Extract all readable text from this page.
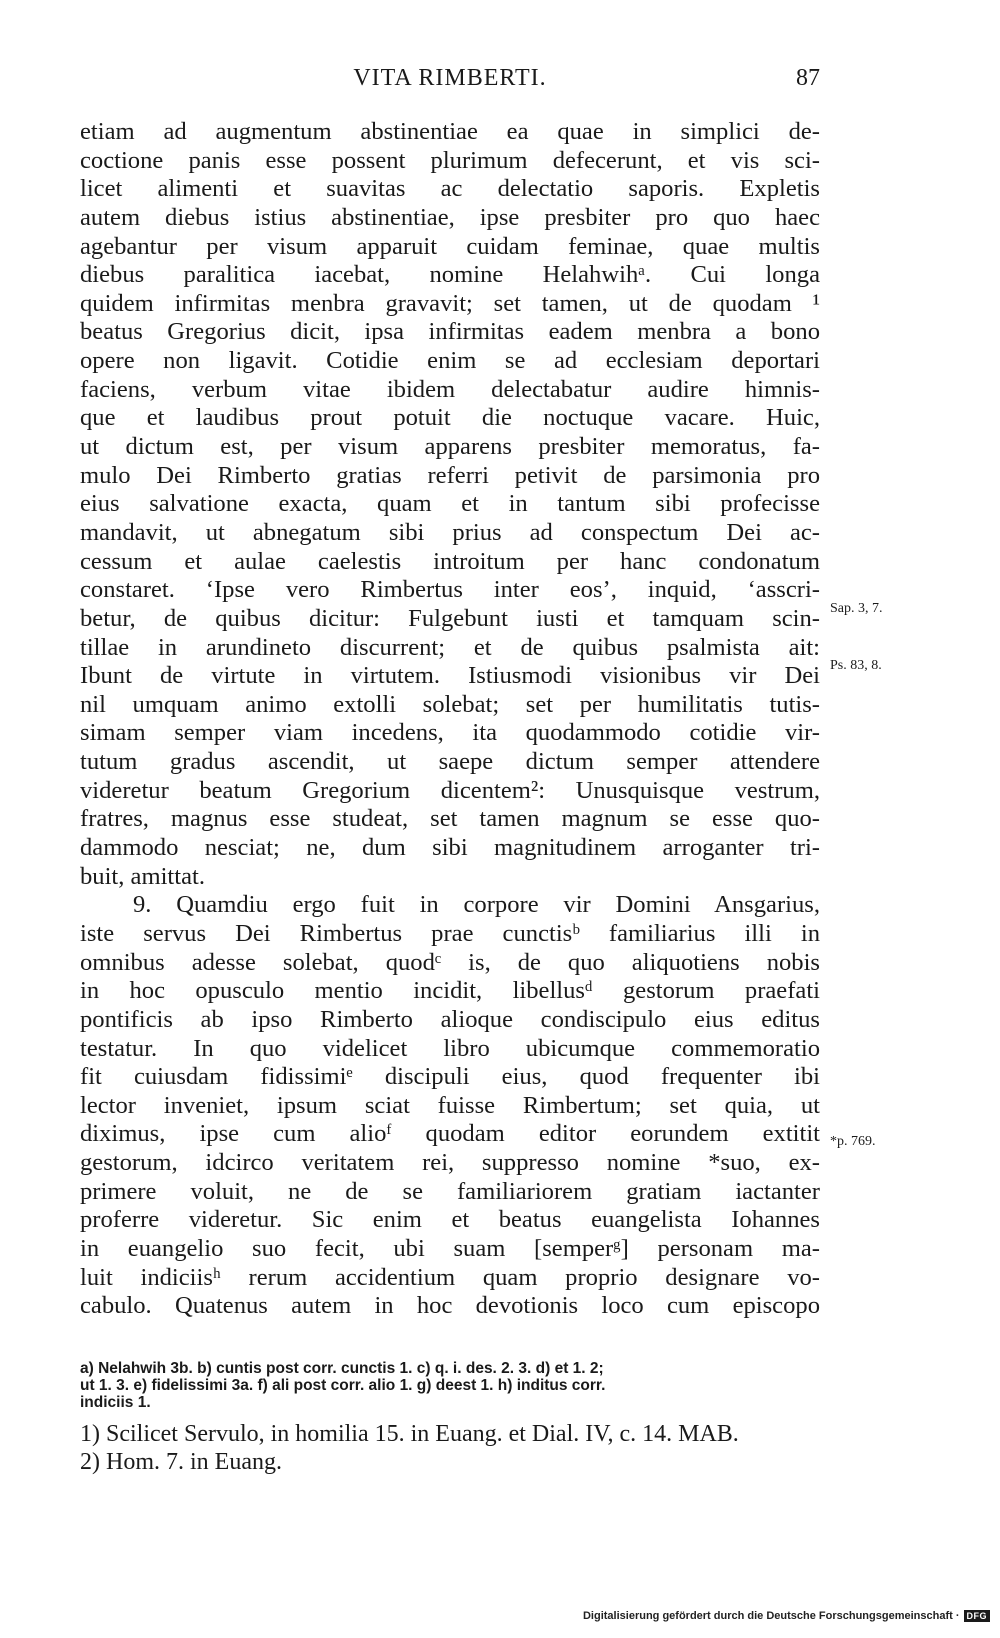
VITA RIMBERTI.	87
etiam ad augmentum abstinentiae ea quae in simplici de-
coctione panis esse possent plurimum defecerunt, et vis sci-
licet alimenti et suavitas ac delectatio saporis. Expletis
autem diebus istius abstinentiae, ipse presbiter pro quo haec
agebantur per visum apparuit cuidam feminae, quae multis
diebus paralitica iacebat, nomine Helahwihᵃ. Cui longa
quidem infirmitas menbra gravavit; set tamen, ut de quodam ¹
beatus Gregorius dicit, ipsa infirmitas eadem menbra a bono
opere non ligavit. Cotidie enim se ad ecclesiam deportari
faciens, verbum vitae ibidem delectabatur audire himnis-
que et laudibus prout potuit die noctuque vacare. Huic,
ut dictum est, per visum apparens presbiter memoratus, fa-
mulo Dei Rimberto gratias referri petivit de parsimonia pro
eius salvatione exacta, quam et in tantum sibi profecisse
mandavit, ut abnegatum sibi prius ad conspectum Dei ac-
cessum et aulae caelestis introitum per hanc condonatum
constaret. ‘Ipse vero Rimbertus inter eos’, inquid, ‘asscri-
betur, de quibus dicitur: Fulgebunt iusti et tamquam scin-
tillae in arundineto discurrent; et de quibus psalmista ait:
Ibunt de virtute in virtutem. Istiusmodi visionibus vir Dei
nil umquam animo extolli solebat; set per humilitatis tutis-
simam semper viam incedens, ita quodammodo cotidie vir-
tutum gradus ascendit, ut saepe dictum semper attendere
videretur beatum Gregorium dicentem²: Unusquisque vestrum,
fratres, magnus esse studeat, set tamen magnum se esse quo-
dammodo nesciat; ne, dum sibi magnitudinem arroganter tri-
buit, amittat.
9. Quamdiu ergo fuit in corpore vir Domini Ansgarius,
iste servus Dei Rimbertus prae cunctisᵇ familiarius illi in
omnibus adesse solebat, quodᶜ is, de quo aliquotiens nobis
in hoc opusculo mentio incidit, libellusᵈ gestorum praefati
pontificis ab ipso Rimberto alioque condiscipulo eius editus
testatur. In quo videlicet libro ubicumque commemoratio
fit cuiusdam fidissimiᵉ discipuli eius, quod frequenter ibi
lector inveniet, ipsum sciat fuisse Rimbertum; set quia, ut
diximus, ipse cum alioᶠ quodam editor eorundem extitit
gestorum, idcirco veritatem rei, suppresso nomine *suo, ex-
primere voluit, ne de se familiariorem gratiam iactanter
proferre videretur. Sic enim et beatus euangelista Iohannes
in euangelio suo fecit, ubi suam [semperᵍ] personam ma-
luit indiciisʰ rerum accidentium quam proprio designare vo-
cabulo. Quatenus autem in hoc devotionis loco cum episcopo
Sap. 3, 7.
Ps. 83, 8.
*p. 769.
a) Nelahwih 3b. b) cuntis post corr. cunctis 1. c) q. i. des. 2. 3. d) et 1. 2;
ut 1. 3. e) fidelissimi 3a. f) ali post corr. alio 1. g) deest 1. h) inditus corr.
indiciis 1.
1) Scilicet Servulo, in homilia 15. in Euang. et Dial. IV, c. 14. MAB.
2) Hom. 7. in Euang.
Digitalisierung gefördert durch die Deutsche Forschungsgemeinschaft · DFG
